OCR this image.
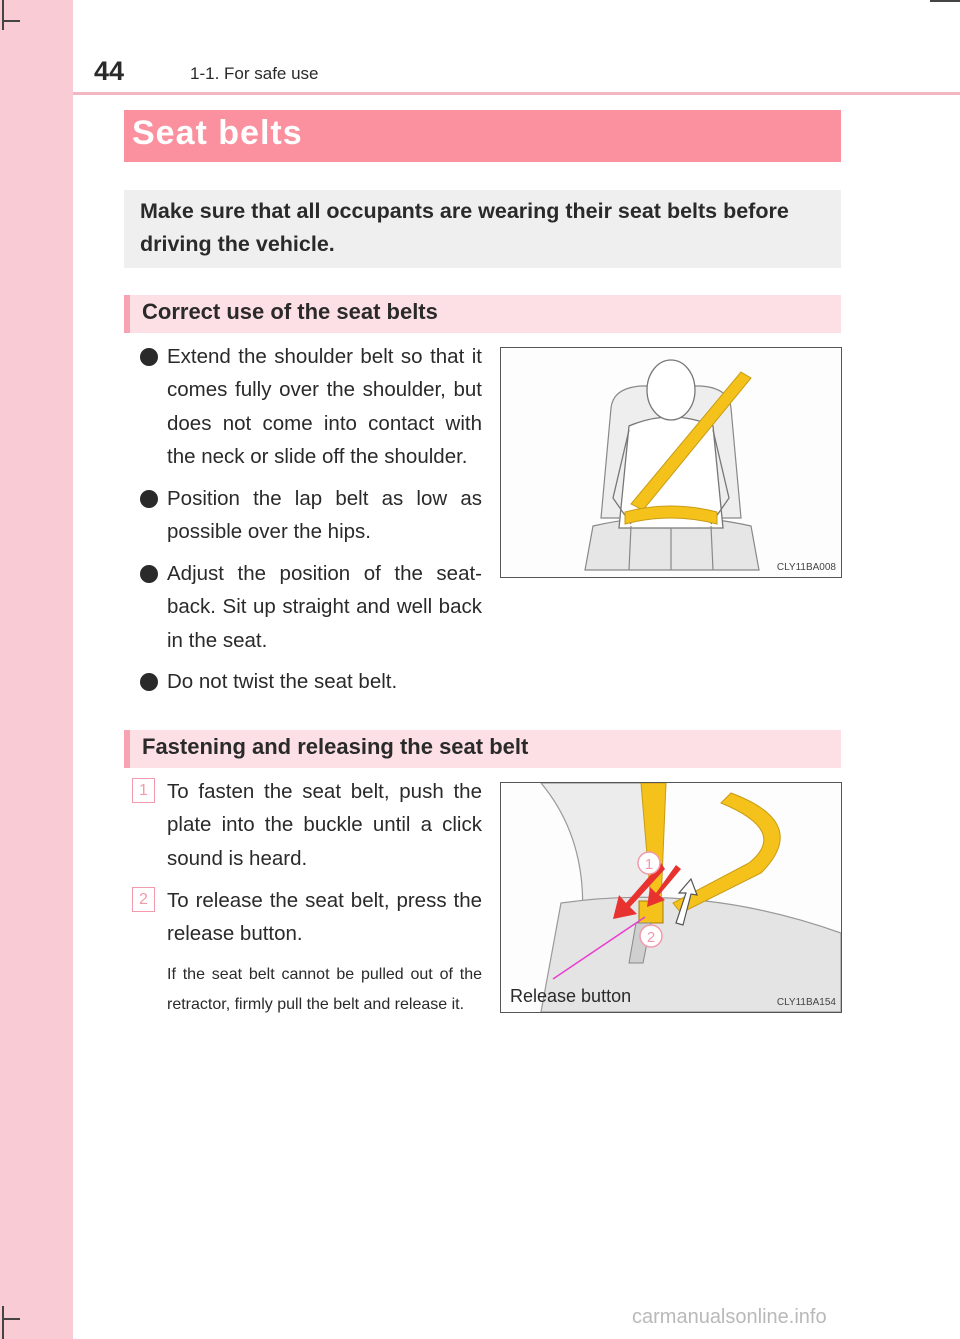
44	1-1. For safe use
Seat belts
Make sure that all occupants are wearing their seat belts before driving the vehicle.
Correct use of the seat belts
Extend the shoulder belt so that it comes fully over the shoulder, but does not come into contact with the neck or slide off the shoulder.
Position the lap belt as low as possible over the hips.
Adjust the position of the seat-back. Sit up straight and well back in the seat.
Do not twist the seat belt.
CLY11BA008
Fastening and releasing the seat belt
1 To fasten the seat belt, push the plate into the buckle until a click sound is heard.
2 To release the seat belt, press the release button.
If the seat belt cannot be pulled out of the retractor, firmly pull the belt and release it.
1
2
Release button	CLY11BA154
carmanualsonline.info
